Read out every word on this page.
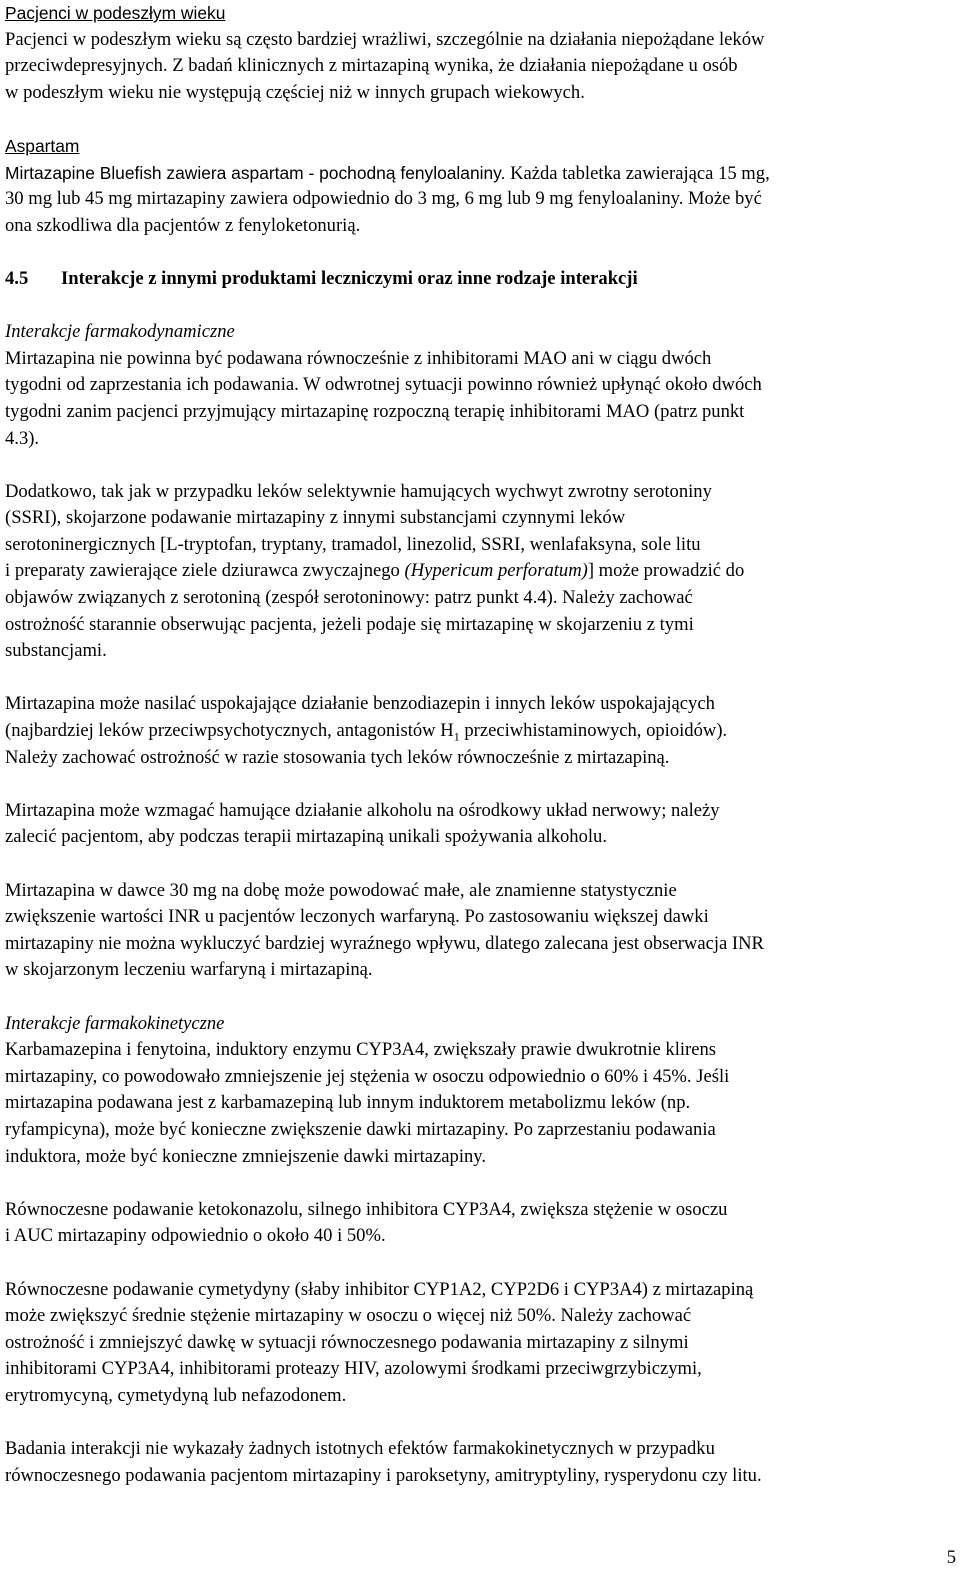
Pacjenci w podeszłym wieku
Pacjenci w podeszłym wieku są często bardziej wrażliwi, szczególnie na działania niepożądane leków
przeciwdepresyjnych. Z badań klinicznych z mirtazapiną wynika, że działania niepożądane u osób
w podeszłym wieku nie występują częściej niż w innych grupach wiekowych.
Aspartam
Mirtazapine Bluefish zawiera aspartam - pochodną fenyloalaniny. Każda tabletka zawierająca 15 mg,
30 mg lub 45 mg mirtazapiny zawiera odpowiednio do 3 mg, 6 mg lub 9 mg fenyloalaniny. Może być
ona szkodliwa dla pacjentów z fenyloketonurią.
4.5 Interakcje z innymi produktami leczniczymi oraz inne rodzaje interakcji
Interakcje farmakodynamiczne
Mirtazapina nie powinna być podawana równocześnie z inhibitorami MAO ani w ciągu dwóch
tygodni od zaprzestania ich podawania. W odwrotnej sytuacji powinno również upłynąć około dwóch
tygodni zanim pacjenci przyjmujący mirtazapinę rozpoczną terapię inhibitorami MAO (patrz punkt
4.3).
Dodatkowo, tak jak w przypadku leków selektywnie hamujących wychwyt zwrotny serotoniny
(SSRI), skojarzone podawanie mirtazapiny z innymi substancjami czynnymi leków
serotoninergicznych [L-tryptofan, tryptany, tramadol, linezolid, SSRI, wenlafaksyna, sole litu
i preparaty zawierające ziele dziurawca zwyczajnego (Hypericum perforatum)] może prowadzić do
objawów związanych z serotoniną (zespół serotoninowy: patrz punkt 4.4). Należy zachować
ostrożność starannie obserwując pacjenta, jeżeli podaje się mirtazapinę w skojarzeniu z tymi
substancjami.
Mirtazapina może nasilać uspokajające działanie benzodiazepin i innych leków uspokajających
(najbardziej leków przeciwpsychotycznych, antagonistów $H_1$ przeciwhistaminowych, opioidów).
Należy zachować ostrożność w razie stosowania tych leków równocześnie z mirtazapiną.
Mirtazapina może wzmagać hamujące działanie alkoholu na ośrodkowy układ nerwowy; należy
zalecić pacjentom, aby podczas terapii mirtazapiną unikali spożywania alkoholu.
Mirtazapina w dawce 30 mg na dobę może powodować małe, ale znamienne statystycznie
zwiększenie wartości INR u pacjentów leczonych warfaryną. Po zastosowaniu większej dawki
mirtazapiny nie można wykluczyć bardziej wyraźnego wpływu, dlatego zalecana jest obserwacja INR
w skojarzonym leczeniu warfaryną i mirtazapiną.
Interakcje farmakokinetyczne
Karbamazepina i fenytoina, induktory enzymu CYP3A4, zwiększały prawie dwukrotnie klirens
mirtazapiny, co powodowało zmniejszenie jej stężenia w osoczu odpowiednio o 60% i 45%. Jeśli
mirtazapina podawana jest z karbamazepiną lub innym induktorem metabolizmu leków (np.
ryfampicyna), może być konieczne zwiększenie dawki mirtazapiny. Po zaprzestaniu podawania
induktora, może być konieczne zmniejszenie dawki mirtazapiny.
Równoczesne podawanie ketokonazolu, silnego inhibitora CYP3A4, zwiększa stężenie w osoczu
i AUC mirtazapiny odpowiednio o około 40 i 50%.
Równoczesne podawanie cymetydyny (słaby inhibitor CYP1A2, CYP2D6 i CYP3A4) z mirtazapiną
może zwiększyć średnie stężenie mirtazapiny w osoczu o więcej niż 50%. Należy zachować
ostrożność i zmniejszyć dawkę w sytuacji równoczesnego podawania mirtazapiny z silnymi
inhibitorami CYP3A4, inhibitorami proteazy HIV, azolowymi środkami przeciwgrzybiczymi,
erytromycyną, cymetydyną lub nefazodonem.
Badania interakcji nie wykazały żadnych istotnych efektów farmakokinetycznych w przypadku
równoczesnego podawania pacjentom mirtazapiny i paroksetyny, amitryptyliny, rysperydonu czy litu.
5
